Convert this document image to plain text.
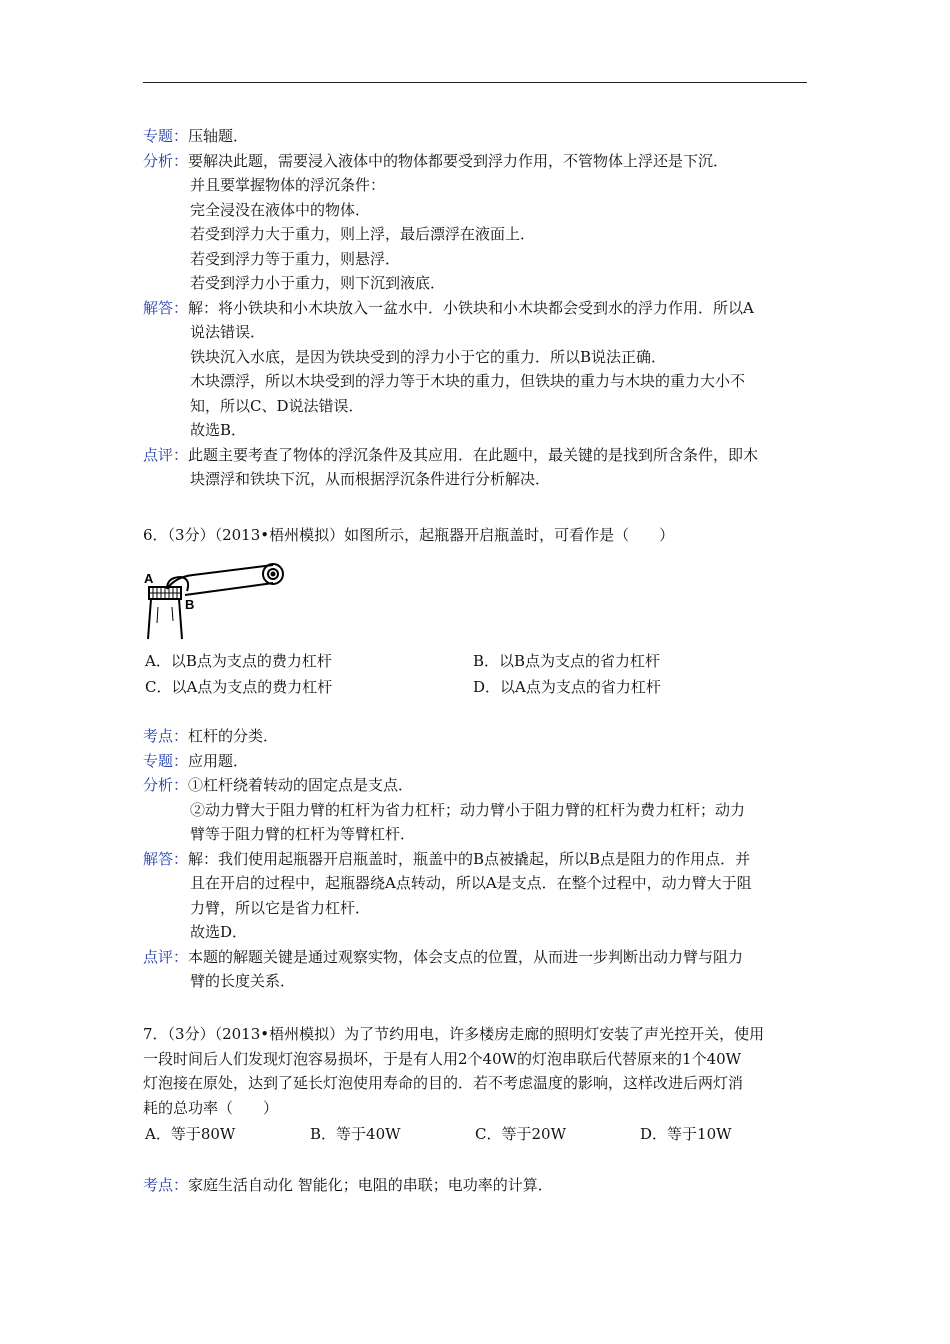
专题：压轴题．
分析：要解决此题，需要浸入液体中的物体都要受到浮力作用，不管物体上浮还是下沉．
并且要掌握物体的浮沉条件：
完全浸没在液体中的物体．
若受到浮力大于重力，则上浮，最后漂浮在液面上．
若受到浮力等于重力，则悬浮．
若受到浮力小于重力，则下沉到液底．
解答：解：将小铁块和小木块放入一盆水中．小铁块和小木块都会受到水的浮力作用．所以A
说法错误．
铁块沉入水底，是因为铁块受到的浮力小于它的重力．所以B说法正确．
木块漂浮，所以木块受到的浮力等于木块的重力，但铁块的重力与木块的重力大小不
知，所以C、D说法错误．
故选B．
点评：此题主要考查了物体的浮沉条件及其应用．在此题中，最关键的是找到所含条件，即木
块漂浮和铁块下沉，从而根据浮沉条件进行分析解决．
6．（3分）（2013•梧州模拟）如图所示，起瓶器开启瓶盖时，可看作是（　　）
A
B
A．以B点为支点的费力杠杆	B．以B点为支点的省力杠杆
C．以A点为支点的费力杠杆	D．以A点为支点的省力杠杆
考点：杠杆的分类．
专题：应用题．
分析：①杠杆绕着转动的固定点是支点．
②动力臂大于阻力臂的杠杆为省力杠杆；动力臂小于阻力臂的杠杆为费力杠杆；动力
臂等于阻力臂的杠杆为等臂杠杆．
解答：解：我们使用起瓶器开启瓶盖时，瓶盖中的B点被撬起，所以B点是阻力的作用点．并
且在开启的过程中，起瓶器绕A点转动，所以A是支点．在整个过程中，动力臂大于阻
力臂，所以它是省力杠杆．
故选D．
点评：本题的解题关键是通过观察实物，体会支点的位置，从而进一步判断出动力臂与阻力
臂的长度关系．
7．（3分）（2013•梧州模拟）为了节约用电，许多楼房走廊的照明灯安装了声光控开关，使用
一段时间后人们发现灯泡容易损坏，于是有人用2个40W的灯泡串联后代替原来的1个40W
灯泡接在原处，达到了延长灯泡使用寿命的目的．若不考虑温度的影响，这样改进后两灯消
耗的总功率（　　）
A．等于80W	B．等于40W	C．等于20W	D．等于10W
考点：家庭生活自动化 智能化；电阻的串联；电功率的计算．
